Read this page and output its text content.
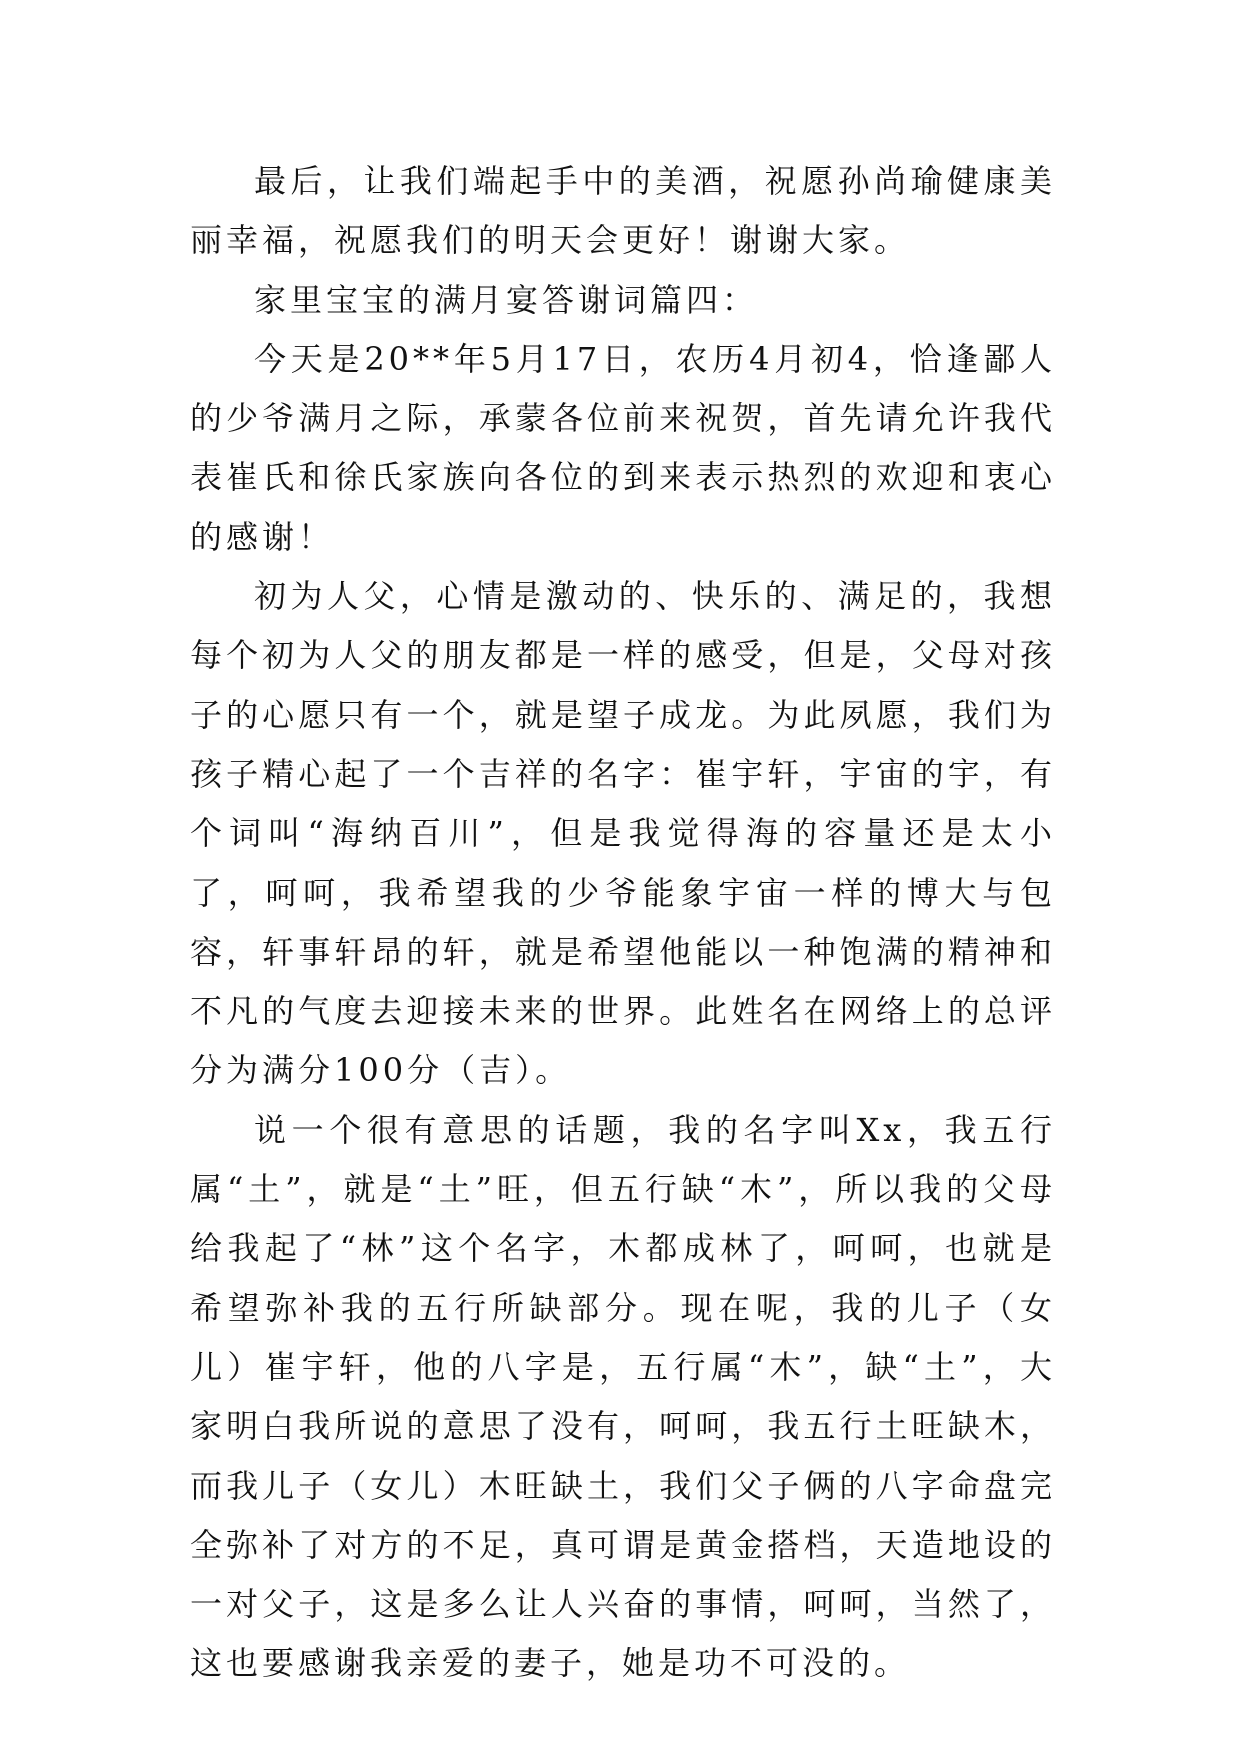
最后，让我们端起手中的美酒，祝愿孙尚瑜健康美丽幸福，祝愿我们的明天会更好！谢谢大家。

家里宝宝的满月宴答谢词篇四：

今天是20**年5月17日，农历4月初4，恰逢鄙人的少爷满月之际，承蒙各位前来祝贺，首先请允许我代表崔氏和徐氏家族向各位的到来表示热烈的欢迎和衷心的感谢！

初为人父，心情是激动的、快乐的、满足的，我想每个初为人父的朋友都是一样的感受，但是，父母对孩子的心愿只有一个，就是望子成龙。为此夙愿，我们为孩子精心起了一个吉祥的名字：崔宇轩，宇宙的宇，有个词叫“海纳百川”，但是我觉得海的容量还是太小了，呵呵，我希望我的少爷能象宇宙一样的博大与包容，轩事轩昂的轩，就是希望他能以一种饱满的精神和不凡的气度去迎接未来的世界。此姓名在网络上的总评分为满分100分（吉）。

说一个很有意思的话题，我的名字叫Xx，我五行属“土”，就是“土”旺，但五行缺“木”，所以我的父母给我起了“林”这个名字，木都成林了，呵呵，也就是希望弥补我的五行所缺部分。现在呢，我的儿子（女儿）崔宇轩，他的八字是，五行属“木”，缺“土”，大家明白我所说的意思了没有，呵呵，我五行土旺缺木，而我儿子（女儿）木旺缺土，我们父子俩的八字命盘完全弥补了对方的不足，真可谓是黄金搭档，天造地设的一对父子，这是多么让人兴奋的事情，呵呵，当然了，这也要感谢我亲爱的妻子，她是功不可没的。
